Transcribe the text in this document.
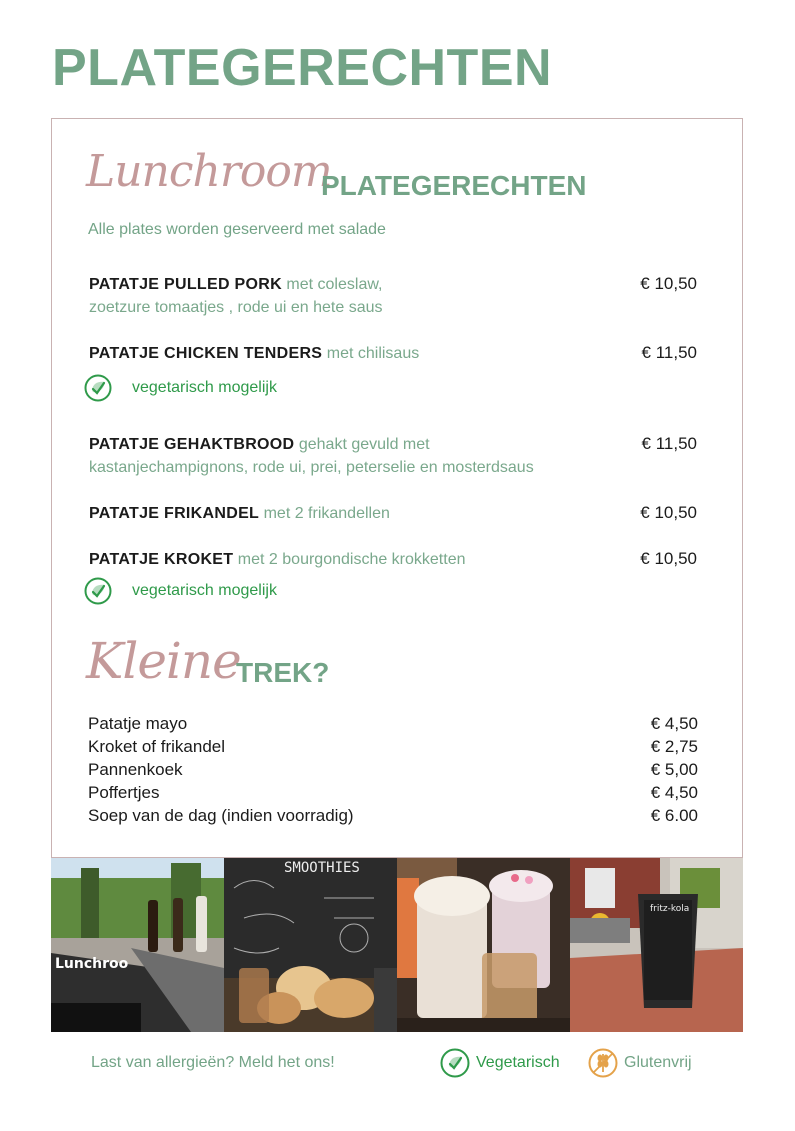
PLATEGERECHTEN
Lunchroom
PLATEGERECHTEN
Alle plates worden geserveerd met salade
PATATJE PULLED PORK met coleslaw,
zoetzure tomaatjes , rode ui en hete saus
€ 10,50
PATATJE CHICKEN TENDERS met chilisaus	€ 11,50
vegetarisch mogelijk
PATATJE GEHAKTBROOD gehakt gevuld met
kastanjechampignons, rode ui, prei, peterselie en mosterdsaus
€ 11,50
PATATJE FRIKANDEL met 2 frikandellen	€ 10,50
PATATJE KROKET met 2 bourgondische krokketten	€ 10,50
vegetarisch mogelijk
Kleine
TREK?
Patatje mayo	€ 4,50
Kroket of frikandel	€ 2,75
Pannenkoek	€ 5,00
Poffertjes	€ 4,50
Soep van de dag (indien voorradig)	€ 6.00
Lunchroo
SMOOTHIES
fritz-kola
Last van allergieën? Meld het ons!	Vegetarisch	Glutenvrij
